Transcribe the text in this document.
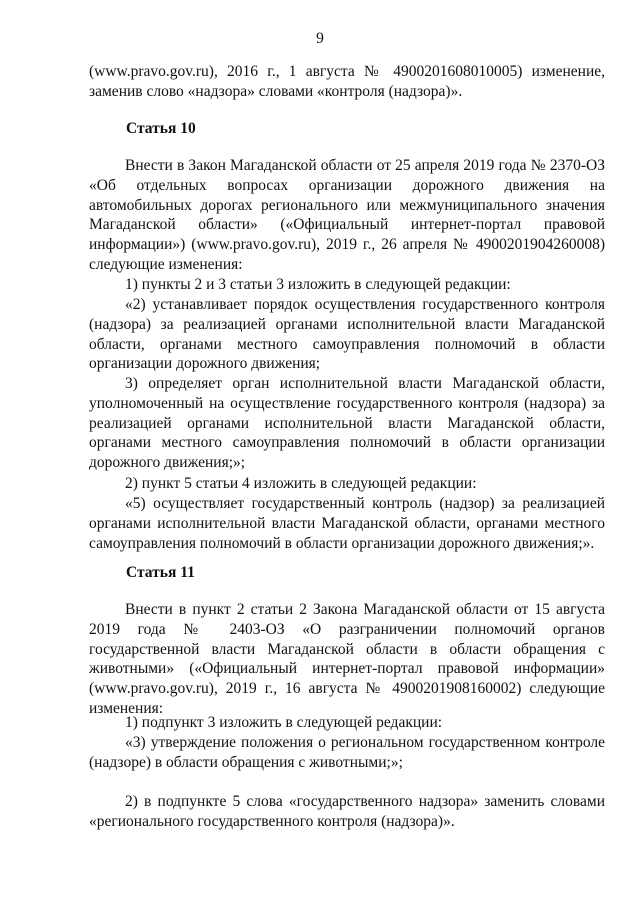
9

(www.pravo.gov.ru), 2016 г., 1 августа № 4900201608010005) изменение, заменив слово «надзора» словами «контроля (надзора)».

Статья 10

Внести в Закон Магаданской области от 25 апреля 2019 года № 2370-ОЗ «Об отдельных вопросах организации дорожного движения на автомобильных дорогах регионального или межмуниципального значения Магаданской области» («Официальный интернет-портал правовой информации») (www.pravo.gov.ru), 2019 г., 26 апреля № 4900201904260008) следующие изменения:

1) пункты 2 и 3 статьи 3 изложить в следующей редакции:

«2) устанавливает порядок осуществления государственного контроля (надзора) за реализацией органами исполнительной власти Магаданской области, органами местного самоуправления полномочий в области организации дорожного движения;

3) определяет орган исполнительной власти Магаданской области, уполномоченный на осуществление государственного контроля (надзора) за реализацией органами исполнительной власти Магаданской области, органами местного самоуправления полномочий в области организации дорожного движения;»;

2) пункт 5 статьи 4 изложить в следующей редакции:

«5) осуществляет государственный контроль (надзор) за реализацией органами исполнительной власти Магаданской области, органами местного самоуправления полномочий в области организации дорожного движения;».

Статья 11

Внести в пункт 2 статьи 2 Закона Магаданской области от 15 августа 2019 года № 2403-ОЗ «О разграничении полномочий органов государственной власти Магаданской области в области обращения с животными» («Официальный интернет-портал правовой информации» (www.pravo.gov.ru), 2019 г., 16 августа № 4900201908160002) следующие изменения:

1) подпункт 3 изложить в следующей редакции:

«3) утверждение положения о региональном государственном контроле (надзоре) в области обращения с животными;»;

2) в подпункте 5 слова «государственного надзора» заменить словами «регионального государственного контроля (надзора)».
